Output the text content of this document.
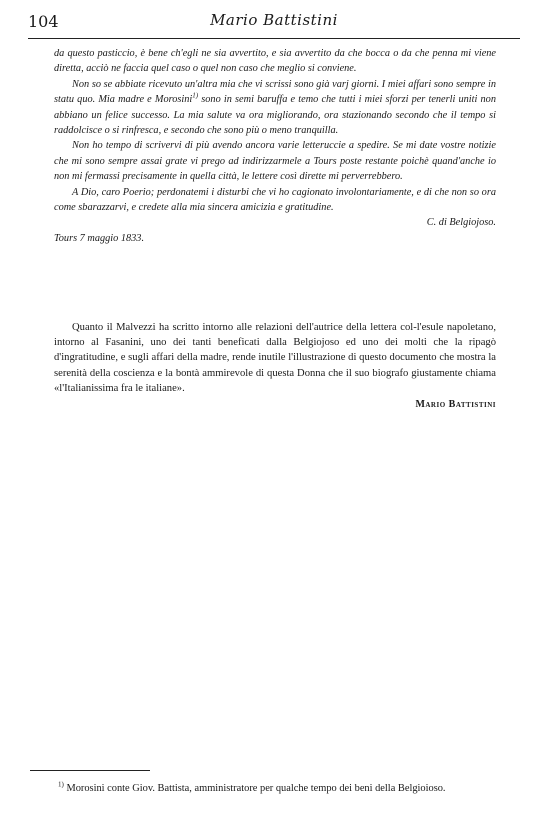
104	Mario Battistini

da questo pasticcio, è bene ch'egli ne sia avvertito, e sia avvertito da che bocca o da che penna mi viene diretta, acciò ne faccia quel caso o quel non caso che meglio si conviene.

Non so se abbiate ricevuto un'altra mia che vi scrissi sono già varj giorni. I miei affari sono sempre in statu quo. Mia madre e Morosini$^{1)}$ sono in semi baruffa e temo che tutti i miei sforzi per tenerli uniti non abbiano un felice successo. La mia salute va ora migliorando, ora stazionando secondo che il tempo si raddolcisce o si rinfresca, e secondo che sono più o meno tranquilla.

Non ho tempo di scrivervi di più avendo ancora varie letteruccie a spedire. Se mi date vostre notizie che mi sono sempre assai grate vi prego ad indirizzarmele a Tours poste restante poichè quand'anche io non mi fermassi precisamente in quella città, le lettere così dirette mi perverrebbero.

A Dio, caro Poerio; perdonatemi i disturbi che vi ho cagionato involontariamente, e di che non so ora come sbarazzarvi, e credete alla mia sincera amicizia e gratitudine.

C. di Belgiojoso.

Tours 7 maggio 1833.

Quanto il Malvezzi ha scritto intorno alle relazioni dell'autrice della lettera col-l'esule napoletano, intorno al Fasanini, uno dei tanti beneficati dalla Belgiojoso ed uno dei molti che la ripagò d'ingratitudine, e sugli affari della madre, rende inutile l'illustrazione di questo documento che mostra la serenità della coscienza e la bontà ammirevole di questa Donna che il suo biografo giustamente chiama «l'Italianissima fra le italiane».

Mario Battistini
$^{1)}$ Morosini conte Giov. Battista, amministratore per qualche tempo dei beni della Belgioioso.
